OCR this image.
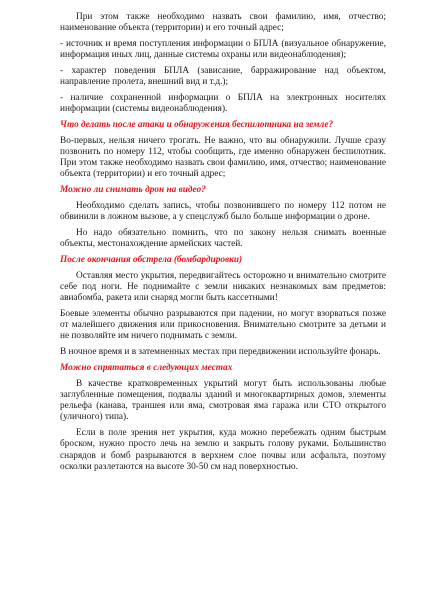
При этом также необходимо назвать свои фамилию, имя, отчество; наименование объекта (территории) и его точный адрес;

- источник и время поступления информации о БПЛА (визуальное обнаружение, информация иных лиц, данные системы охраны или видеонаблюдения);

- характер поведения БПЛА (зависание, барражирование над объектом, направление пролета, внешний вид и т.д.);

- наличие сохраненной информации о БПЛА на электронных носителях информации (системы видеонаблюдения).

Что делать после атаки и обнаружения беспилотника на земле?

Во-первых, нельзя ничего трогать. Не важно, что вы обнаружили. Лучше сразу позвонить по номеру 112, чтобы сообщить, где именно обнаружен беспилотник. При этом также необходимо назвать свои фамилию, имя, отчество; наименование объекта (территории) и его точный адрес;

Можно ли снимать дрон на видео?

Необходимо сделать запись, чтобы позвонившего по номеру 112 потом не обвинили в ложном вызове, а у спецслужб было больше информации о дроне.

Но надо обязательно помнить, что по закону нельзя снимать военные объекты, местонахождение армейских частей.

После окончания обстрела (бомбардировки)

Оставляя место укрытия, передвигайтесь осторожно и внимательно смотрите себе под ноги. Не поднимайте с земли никаких незнакомых вам предметов: авиабомба, ракета или снаряд могли быть кассетными!

Боевые элементы обычно разрываются при падении, но могут взорваться позже от малейшего движения или прикосновения. Внимательно смотрите за детьми и не позволяйте им ничего поднимать с земли.

В ночное время и в затемненных местах при передвижении используйте фонарь.

Можно спрятаться в следующих местах

В качестве кратковременных укрытий могут быть использованы любые заглубленные помещения, подвалы зданий и многоквартирных домов, элементы рельефа (канава, траншея или яма, смотровая яма гаража или СТО открытого (уличного) типа).

Если в поле зрения нет укрытия, куда можно перебежать одним быстрым броском, нужно просто лечь на землю и закрыть голову руками. Большинство снарядов и бомб разрываются в верхнем слое почвы или асфальта, поэтому осколки разлетаются на высоте 30-50 см над поверхностью.
